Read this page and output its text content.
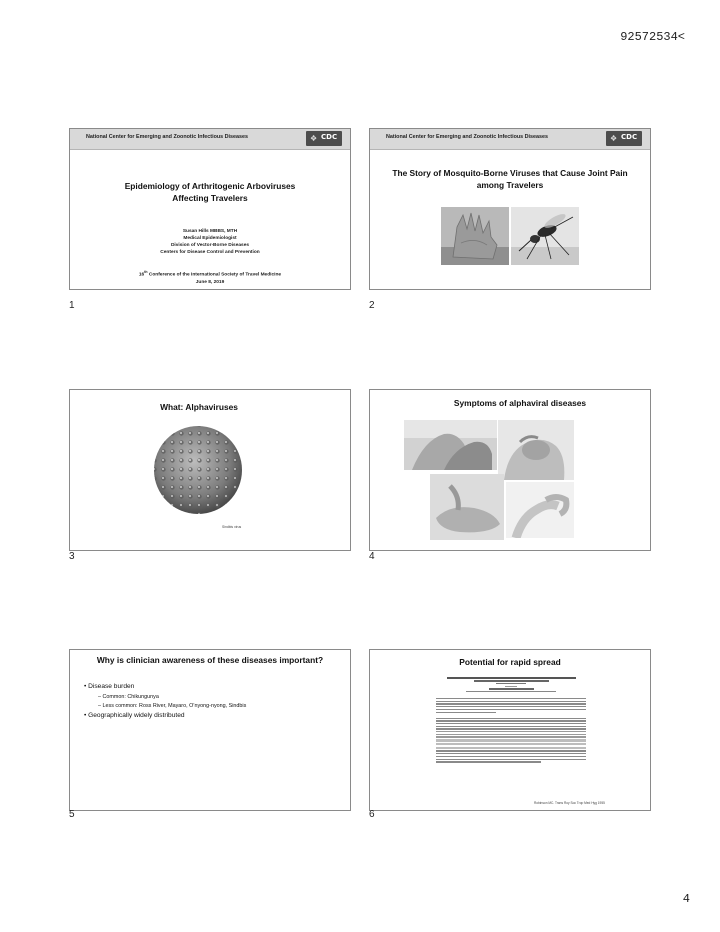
92572534<
National Center for Emerging and Zoonotic Infectious Diseases	❖ CDC
Epidemiology of Arthritogenic Arboviruses
Affecting Travelers
Susan Hills MBBS, MTH
Medical Epidemiologist
Division of Vector-Borne Diseases
Centers for Disease Control and Prevention
16th Conference of the International Society of Travel Medicine
June 8, 2019
1
National Center for Emerging and Zoonotic Infectious Diseases	❖ CDC
The Story of Mosquito-Borne Viruses that Cause Joint Pain
among Travelers
2
What: Alphaviruses
Sindbis virus
3
Symptoms of alphaviral diseases
4
Why is clinician awareness of these diseases important?
• Disease burden
– Common: Chikungunya
– Less common: Ross River, Mayaro, O’nyong-nyong, Sindbis
• Geographically widely distributed
5
Potential for rapid spread
Robinson MC. Trans Roy Soc Trop Med Hyg 1955
6
4
